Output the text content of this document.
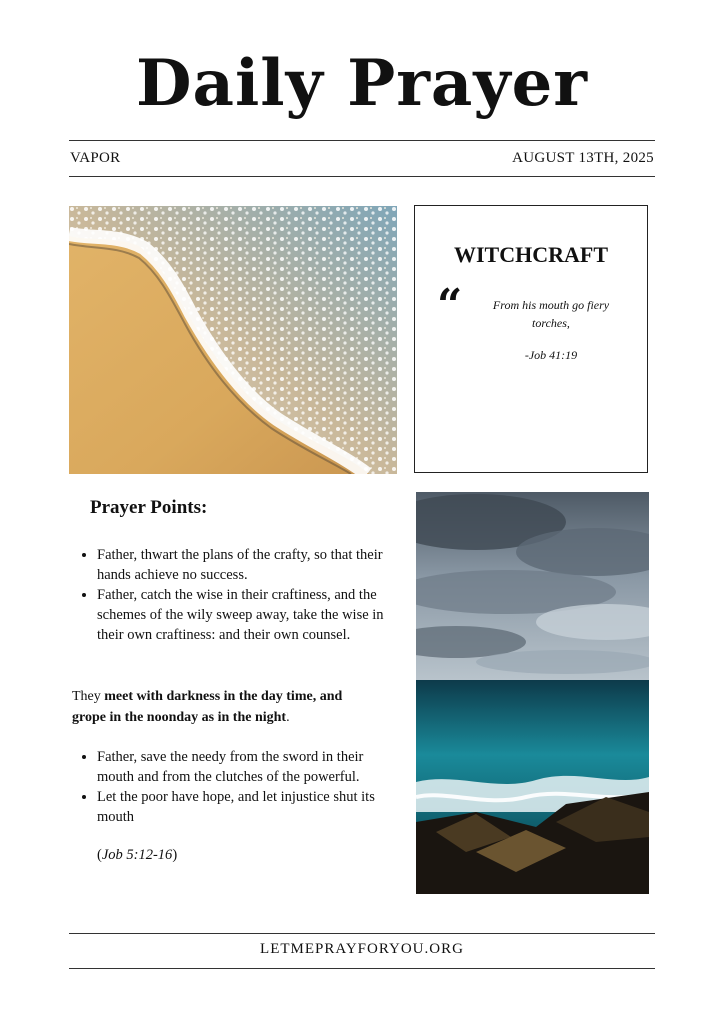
Daily Prayer
VAPOR	AUGUST 13TH, 2025
WITCHCRAFT
“	From his mouth go fiery torches,
-Job 41:19
Prayer Points:
• Father, thwart the plans of the crafty, so that their hands achieve no success.
• Father, catch the wise in their craftiness, and the schemes of the wily sweep away, take the wise in their own craftiness: and their own counsel.
They meet with darkness in the day time, and grope in the noonday as in the night.
• Father, save the needy from the sword in their mouth and from the clutches of the powerful.
• Let the poor have hope, and let injustice shut its mouth
(Job 5:12-16)
LETMEPRAYFORYOU.ORG
